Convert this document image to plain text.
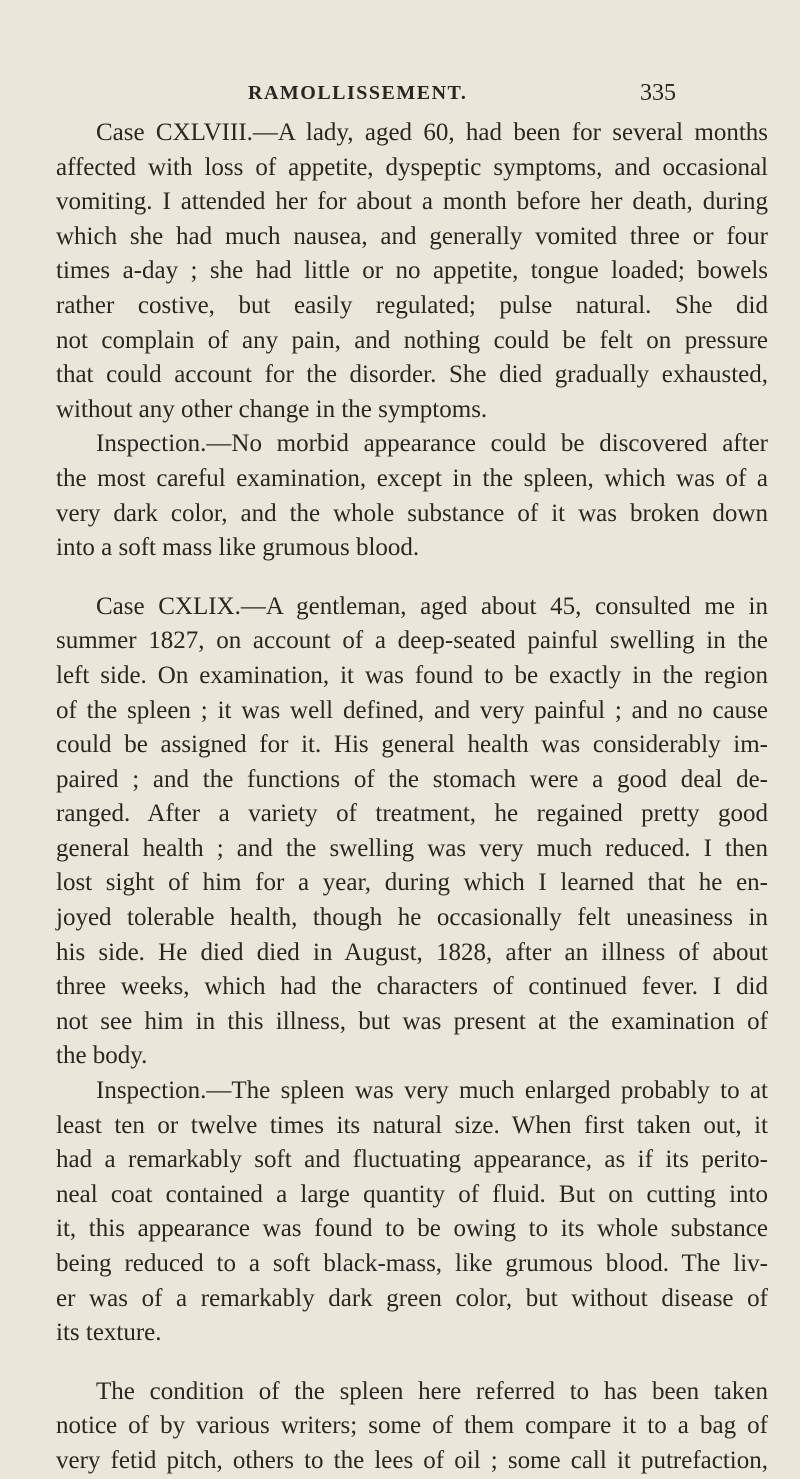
RAMOLLISSEMENT.	335
Case CXLVIII.—A lady, aged 60, had been for several months
affected with loss of appetite, dyspeptic symptoms, and occasional
vomiting. I attended her for about a month before her death, during
which she had much nausea, and generally vomited three or four
times a-day ; she had little or no appetite, tongue loaded; bowels
rather costive, but easily regulated; pulse natural. She did
not complain of any pain, and nothing could be felt on pressure
that could account for the disorder. She died gradually exhausted,
without any other change in the symptoms.
Inspection.—No morbid appearance could be discovered after
the most careful examination, except in the spleen, which was of a
very dark color, and the whole substance of it was broken down
into a soft mass like grumous blood.
Case CXLIX.—A gentleman, aged about 45, consulted me in
summer 1827, on account of a deep-seated painful swelling in the
left side. On examination, it was found to be exactly in the region
of the spleen ; it was well defined, and very painful ; and no cause
could be assigned for it. His general health was considerably im-
paired ; and the functions of the stomach were a good deal de-
ranged. After a variety of treatment, he regained pretty good
general health ; and the swelling was very much reduced. I then
lost sight of him for a year, during which I learned that he en-
joyed tolerable health, though he occasionally felt uneasiness in
his side. He died died in August, 1828, after an illness of about
three weeks, which had the characters of continued fever. I did
not see him in this illness, but was present at the examination of
the body.
Inspection.—The spleen was very much enlarged probably to at
least ten or twelve times its natural size. When first taken out, it
had a remarkably soft and fluctuating appearance, as if its perito-
neal coat contained a large quantity of fluid. But on cutting into
it, this appearance was found to be owing to its whole substance
being reduced to a soft black-mass, like grumous blood. The liv-
er was of a remarkably dark green color, but without disease of
its texture.
The condition of the spleen here referred to has been taken
notice of by various writers; some of them compare it to a bag of
very fetid pitch, others to the lees of oil ; some call it putrefaction,
